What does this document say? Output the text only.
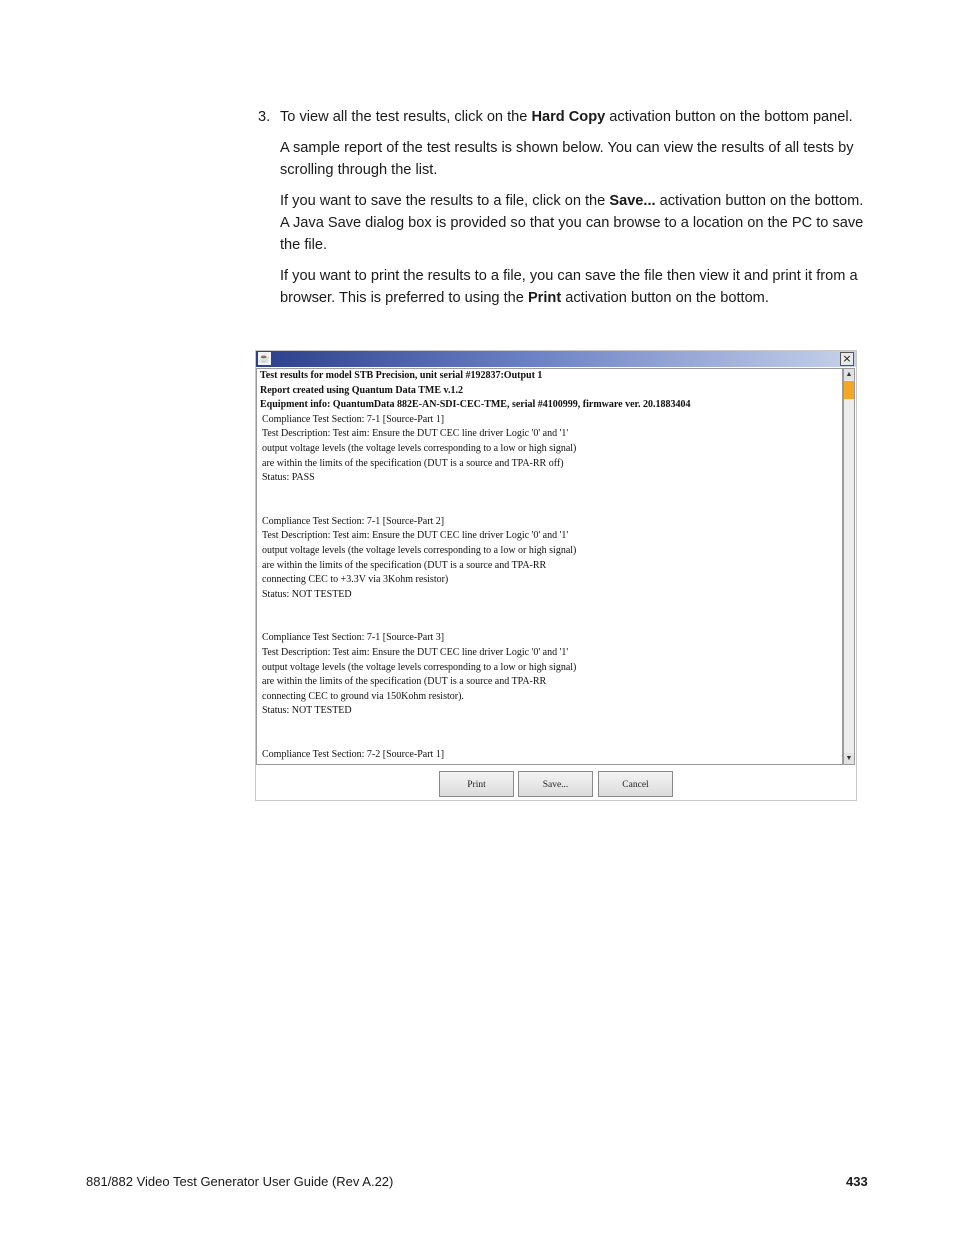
3. To view all the test results, click on the Hard Copy activation button on the bottom panel.

A sample report of the test results is shown below. You can view the results of all tests by scrolling through the list.

If you want to save the results to a file, click on the Save... activation button on the bottom. A Java Save dialog box is provided so that you can browse to a location on the PC to save the file.

If you want to print the results to a file, you can save the file then view it and print it from a browser. This is preferred to using the Print activation button on the bottom.

☕	×
Test results for model STB Precision, unit serial #192837:Output 1
Report created using Quantum Data TME v.1.2
Equipment info: QuantumData 882E-AN-SDI-CEC-TME, serial #4100999, firmware ver. 20.1883404
Compliance Test Section: 7-1 [Source-Part 1]
Test Description: Test aim: Ensure the DUT CEC line driver Logic '0' and '1'
output voltage levels (the voltage levels corresponding to a low or high signal)
are within the limits of the specification (DUT is a source and TPA-RR off)
Status: PASS
Compliance Test Section: 7-1 [Source-Part 2]
Test Description: Test aim: Ensure the DUT CEC line driver Logic '0' and '1'
output voltage levels (the voltage levels corresponding to a low or high signal)
are within the limits of the specification (DUT is a source and TPA-RR
connecting CEC to +3.3V via 3Kohm resistor)
Status: NOT TESTED
Compliance Test Section: 7-1 [Source-Part 3]
Test Description: Test aim: Ensure the DUT CEC line driver Logic '0' and '1'
output voltage levels (the voltage levels corresponding to a low or high signal)
are within the limits of the specification (DUT is a source and TPA-RR
connecting CEC to ground via 150Kohm resistor).
Status: NOT TESTED
Compliance Test Section: 7-2 [Source-Part 1]
▲
▼
Print	Save...	Cancel
881/882 Video Test Generator User Guide (Rev A.22)	433
